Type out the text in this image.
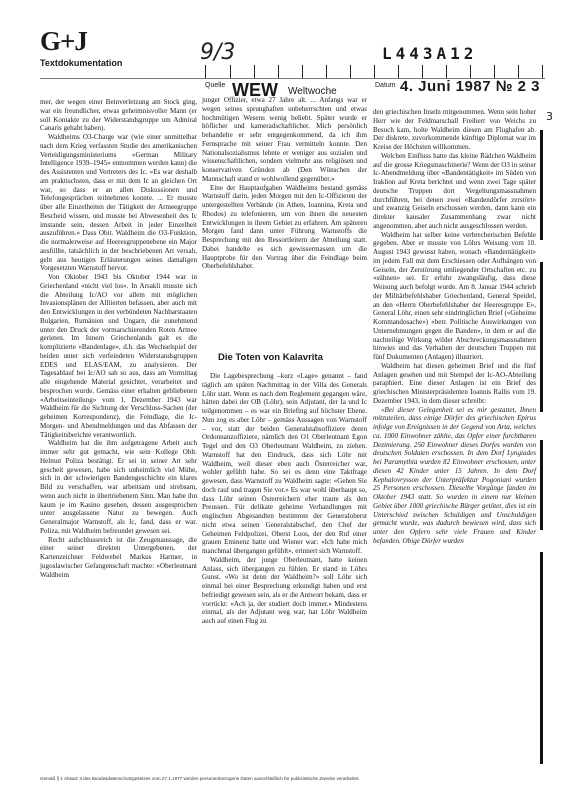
G+J
Textdokumentation	9/3	L443A12
Quelle	Datum
WEW Weltwoche	4. Juni 1987 № 2 3
3

mer, der wegen einer Beinverletzung am Stock ging, war ein freundlicher, etwas geheimnisvoller Mann (er soll Kontakte zu der Widerstandsgruppe um Admiral Canaris gehabt haben).

Waldheims O3-Charge war (wie einer unmittelbar nach dem Krieg verfassten Studie des amerikanischen Verteidigungsministeriums «German Military Intelligence 1939–1945» entnommen werden kann) die des Assistenten und Vertreters des Ic. «Es war deshalb am praktischsten, dass er mit dem Ic an gleichen Ort war, so dass er an allen Diskussionen und Telefongesprächen teilnehmen konnte. ... Er musste über alle Einzelheiten der Tätigkeit der Armeegruppe Bescheid wissen, und musste bei Abwesenheit des Ic imstande sein, dessen Arbeit in jeder Einzelheit auszuführen.» Dass Obit. Waldheim die O3-Funktion, die normalerweise auf Heeresgruppenebene ein Major ausfüllte, tatsächlich in der beschriebenen Art versah, geht aus heutigen Erläuterungen seines damaligen Vorgesetzten Warnstoff hervor.

Von Oktober 1943 bis Oktober 1944 war in Griechenland «nicht viel los». In Arsakli musste sich die Abteilung Ic/AO vor allem mit möglichen Invasionsplänen der Alliierten befassen, aber auch mit den Entwicklungen in den verbündeten Nachbarstaaten Bulgarien, Rumänien und Ungarn, die zunehmend unter den Druck der vormarschierenden Roten Armee gerieten. Im Innern Griechenlands galt es die komplizierte «Bandenlage», d.h. das Wechselspiel der beiden unter sich verfeindeten Widerstandsgruppen EDES und ELAS/EAM, zu analysieren. Der Tagesablauf bei Ic/AO sah so aus, dass am Vormittag alle eingehende Material gesichtet, verarbeitet und besprochen wurde. Gemäss einer erhalten gebliebenen «Arbeitseinteilung» vom 1. Dezember 1943 war Waldheim für die Sichtung der Verschluss-Sachen (der geheimen Korrespondenz), die Feindlage, die Ic-Morgen- und Abendmeldungen und das Abfassen der Tätigkeitsberichte verantwortlich.

Waldheim hat die ihm aufgetragene Arbeit auch immer sehr gut gemacht, wie sein Kollege Oblt. Helmut Poliza bestätigt. Er sei in seiner Art sehr gescheit gewesen, habe sich unheimlich viel Mühe, sich in der schwierigen Bandengeschichte ein klares Bild zu verschaffen, war arbeitsam und strebsam, wenn auch nicht in übertriebenem Sinn. Man habe ihn kaum je im Kasino gesehen, dessen ausgesprochen unter ausgelassene Natur zu bewegen. Auch Generalmajor Warnstoff, als Ic, fand, dass er war. Poliza, mit Waldheim befreundet gewesen sei.

Recht aufschlussreich ist die Zeugenaussage, die einer seiner direkten Untergebenen, der Kartenzeichner Feldwebel Markus Hartner, in jugoslawischer Gefangenschaft machte: «Oberleutnant Waldheim

junger Offizier, etwa 27 Jahre alt. ... Anfangs war er wegen seines sprunghaften unbeherrschten und etwas hochmütigen Wesens wenig beliebt. Später wurde er höflicher und kameradschaftlicher. Mich persönlich behandelte er sehr entgegenkommend, da ich ihm Fernsprache mit seiner Frau vermitteln konnte. Den Nationalsozialismus lehnte er weniger aus sozialen und wissenschaftlichen, sondern vielmehr aus religiösen und konservativen Gründen ab (Den Wünschen der Mannschaft stand er wohlwollend gegenüber.»

Eine der Hauptaufgaben Waldheims bestand gemäss Warnstoff darin, jeden Morgen mit den Ic-Offizieren der untergestellten Verbände (in Athen, Ioannina, Kreta und Rhodos) zu telefonieren, um von ihnen die neuesten Entwicklungen in ihrem Gebiet zu erfahren. Am späteren Morgen fand dann unter Führung Warnstoffs die Besprechung mit den Ressortleitern der Abteilung statt. Dabei handelte es sich gewissermassen um die Hauptprobe für den Vortrag über die Feindlage beim Oberbefehlshaber.

Die Toten von Kalavrita

Die Lagebesprechung –kurz «Lage» genannt – fand täglich am späten Nachmittag in der Villa des Generals Löhr statt. Wenn es nach dem Reglement gegangen wäre, hätten dabei der OB (Löhr), sein Adjutant, der Ia und Ic teilgenommen – es war ein Briefing auf höchster Ebene. Nun zog es aber Löhr – gemäss Aussagen von Warnstoff – vor, statt der beiden Generalstabsoffiziere deren Ordonnanzoffiziere, nämlich den O1 Oberleutnant Egon Tegel und den O3 Oberleutnant Waldheim, zu ziehen. Warnstoff hat den Eindruck, dass sich Löhr mit Waldheim, weil dieser eben auch Österreicher war, wohler gefühlt habe. So sei es denn eine Taktfrage gewesen, dass Warnstoff zu Waldheim sagte: «Gehen Sie doch rauf und tragen Sie vor.» Es war wohl überhaupt so, dass Löhr seinen Österreichern eher traute als den Preussen. Für delikate geheime Verhandlungen mit englischen Abgesandten bestimmte der Generaloberst nicht etwa seinen Generalstabschef, den Chef der Geheimen Feldpolizei, Oberst Loos, der den Ruf einer grauen Eminenz hatte und Wiener war: «Ich habe mich manchmal übergangen gefühlt», erinnert sich Warnstoff.

Waldheim, der junge Oberleutnant, hatte keinen Anlass, sich übergangen zu fühlen. Er stand in Löhrs Gunst. «Wo ist denn der Waldheim?» soll Löhr sich einmal bei einer Besprechung erkundigt haben und erst befriedigt gewesen sein, als er die Antwort bekam, dass er vorrückt: «Ach ja, der studiert doch immer.» Mindestens einmal, als der Adjutant weg war, hat Löhr Waldheim auch auf einen Flug zu

den griechischen Inseln mitgenommen. Wenn sein hoher Herr wie der Feldmarschall Freiherr von Weichs zu Besuch kam, holte Waldheim diesen am Flughafen ab. Der diskrete, zuvorkommende künftige Diplomat war im Kreise der Höchsten willkommen.

Welchen Einfluss hatte das kleine Rädchen Waldheim auf die grosse Kriegsmaschinerie? Wenn der O3 in seiner Ic-Abendmeldung über «Bandentätigkeit» im Süden von Iraklion auf Kreta berichtet und wenn zwei Tage später deutsche Truppen dort Vergeltungsmassnahmen durchführen, bei denen zwei «Bandendörfer zerstört» und zwanzig Geiseln erschossen werden, dann kann ein direkter kausaler Zusammenhang zwar nicht angenommen, aber auch nicht ausgeschlossen werden.

Waldheim hat selber keine verbrecherischen Befehle gegeben. Aber er musste von Löhrs Weisung vom 10. August 1943 gewusst haben, wonach «Bandentätigkeit» im jedem Fall mit dem Erschiessen oder Aufhängen von Geiseln, der Zerstörung umliegender Ortschaften etc. zu «sühnen» sei. Er erfuhr zwangsläufig, dass diese Weisung auch befolgt wurde. Am 8. Januar 1944 schrieb der Militärbefehlshaber Griechenland, General Speidel, an den «Herrn Oberbefehlshaber der Heeresgruppe E», General Löhr, einen sehr eindringlichen Brief («Geheime Kommandosache») «betr. Politische Auswirkungen von Unternehmungen gegen die Banden», in dem er auf die nachteilige Wirkung wilder Abschreckungsmassnahmen hinwies und das Verhalten der deutschen Truppen mit fünf Dokumenten (Anlagen) illustriert.

Waldheim hat diesen geheimen Brief und die fünf Anlagen gesehen und mit Stempel der Ic-AO-Abteilung paraphiert. Eine dieser Anlagen ist ein Brief des griechischen Ministerpräsidenten Ioannis Rallis vom 19. Dezember 1943, in dem dieser schreibt:

«Bei dieser Gelegenheit sei es mir gestattet, Ihnen mitzuteilen, dass einige Dörfer des griechischen Epirus infolge von Ereignissen in der Gegend von Arta, welches ca. 1000 Einwohner zählte, das Opfer einer furchtbaren Dezimierung. 250 Einwohner dieses Dorfes wurden von deutschen Soldaten erschossen. In dem Dorf Lyngiades bei Paramythia wurden 82 Einwohner erschossen, unter diesen 42 Kinder unter 15 Jahren. In dem Dorf Kephalovrysson der Unterpräfektur Pogoniani wurden 25 Personen erschossen. Dieselbe Vorgänge fanden im Oktober 1943 statt. So wurden in einem nur kleinen Gebiet über 1000 griechische Bürger getötet, dies ist ein Unterschied zwischen Schuldigen und Unschuldigen gemacht wurde, was dadurch bewiesen wird, dass sich unter den Opfern sehr viele Frauen und Kinder befanden. Obige Dörfer wurden

Gemäß § 1 Absatz 3 des Bundesdatenschutzgesetzes vom 27.1.1977 werden personenbezogene Daten ausschließlich für publizistische Zwecke verarbeitet.
